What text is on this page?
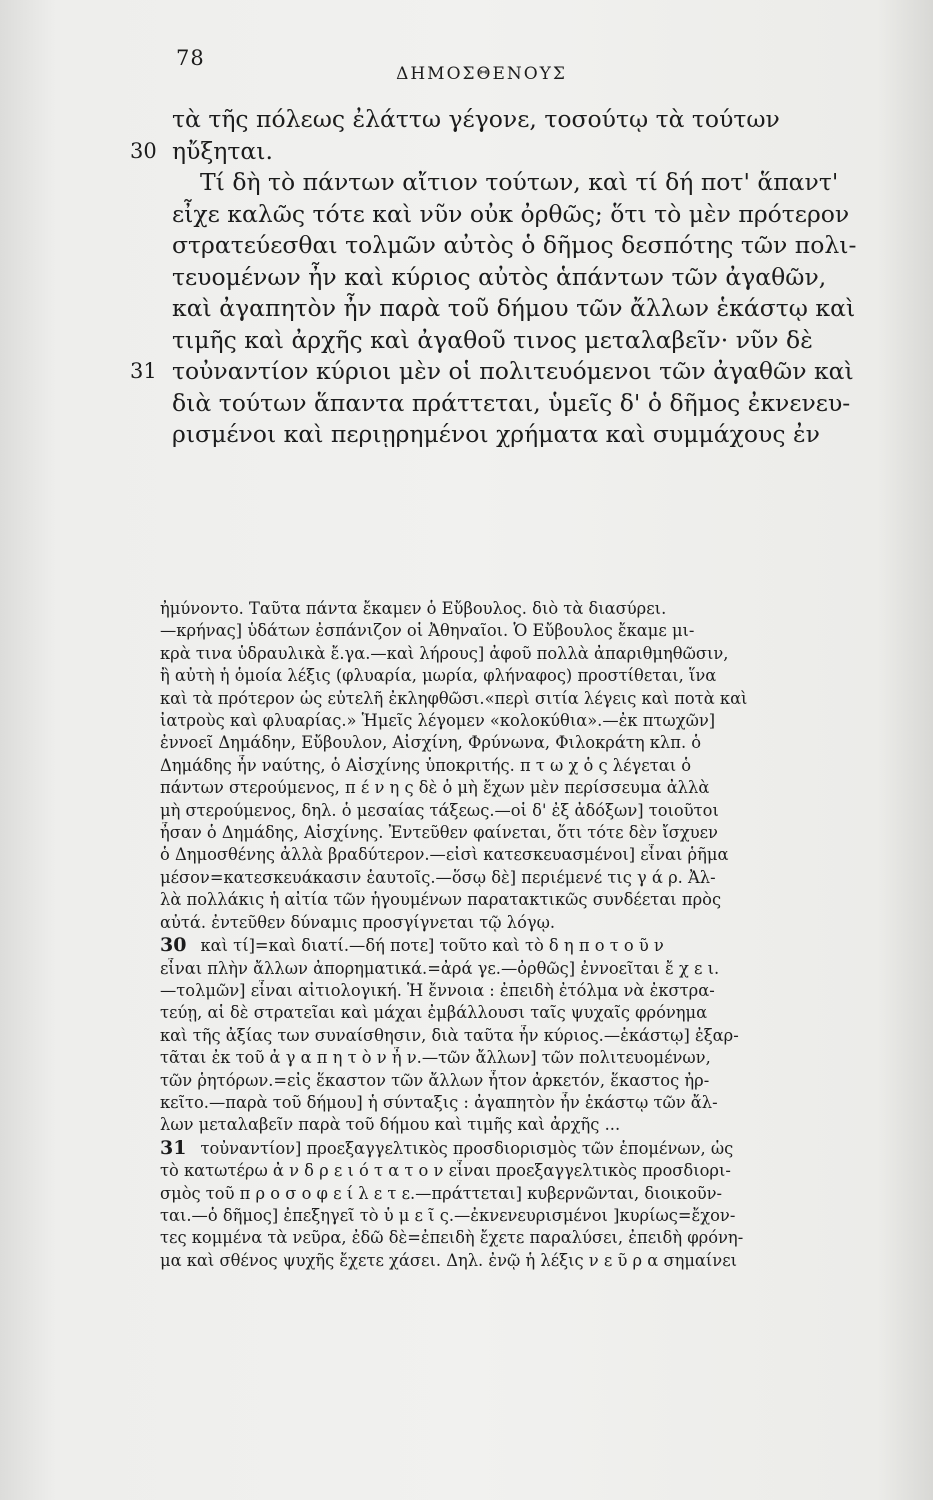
78
ΔΗΜΟΣΘΕΝΟΥΣ
τὰ τῆς πόλεως ἐλάττω γέγονε, τοσούτῳ τὰ τούτων
30 ηὔξηται.
Τί δὴ τὸ πάντων αἴτιον τούτων, καὶ τί δή ποτ' ἅπαντ'
εἶχε καλῶς τότε καὶ νῦν οὐκ ὀρθῶς; ὅτι τὸ μὲν πρότερον
στρατεύεσθαι τολμῶν αὐτὸς ὁ δῆμος δεσπότης τῶν πολι-
τευομένων ἦν καὶ κύριος αὐτὸς ἁπάντων τῶν ἀγαθῶν,
καὶ ἀγαπητὸν ἦν παρὰ τοῦ δήμου τῶν ἄλλων ἑκάστῳ καὶ
τιμῆς καὶ ἀρχῆς καὶ ἀγαθοῦ τινος μεταλαβεῖν· νῦν δὲ
31 τοὐναντίον κύριοι μὲν οἱ πολιτευόμενοι τῶν ἀγαθῶν καὶ
διὰ τούτων ἅπαντα πράττεται, ὑμεῖς δ' ὁ δῆμος ἐκνενευ-
ρισμένοι καὶ περιῃρημένοι χρήματα καὶ συμμάχους ἐν
ἠμύνοντο. Ταῦτα πάντα ἔκαμεν ὁ Εὔβουλος. διὸ τὰ διασύρει.
—κρήνας] ὑδάτων ἐσπάνιζον οἱ Ἀθηναῖοι. Ὁ Εὔβουλος ἔκαμε μι-
κρὰ τινα ὑδραυλικὰ ἔ.γα.—καὶ λήρους] ἀφοῦ πολλὰ ἀπαριθμηθῶσιν,
ἢ αὐτὴ ἡ ὁμοία λέξις (φλυαρία, μωρία, φλήναφος) προστίθεται, ἵνα
καὶ τὰ πρότερον ὡς εὐτελῆ ἐκληφθῶσι.«περὶ σιτία λέγεις καὶ ποτὰ καὶ
ἰατροὺς καὶ φλυαρίας.» Ἡμεῖς λέγομεν «κολοκύθια».—ἐκ πτωχῶν]
ἐννοεῖ Δημάδην, Εὔβουλον, Αἰσχίνη, Φρύνωνα, Φιλοκράτη κλπ. ὁ
Δημάδης ἦν ναύτης, ὁ Αἰσχίνης ὑποκριτής. π τ ω χ ὁ ς λέγεται ὁ
πάντων στερούμενος, π έ ν η ς δὲ ὁ μὴ ἔχων μὲν περίσσευμα ἀλλὰ
μὴ στερούμενος, δηλ. ὁ μεσαίας τάξεως.—οἱ δ' ἐξ ἀδόξων] τοιοῦτοι
ἦσαν ὁ Δημάδης, Αἰσχίνης. Ἐντεῦθεν φαίνεται, ὅτι τότε δὲν ἴσχυεν
ὁ Δημοσθένης ἀλλὰ βραδύτερον.—εἰσὶ κατεσκευασμένοι] εἶναι ῥῆμα
μέσον=κατεσκευάκασιν ἑαυτοῖς.—ὅσῳ δὲ] περιέμενέ τις γ ά ρ. Ἀλ-
λὰ πολλάκις ἡ αἰτία τῶν ἡγουμένων παρατακτικῶς συνδέεται πρὸς
αὐτά. ἐντεῦθεν δύναμις προσγίγνεται τῷ λόγῳ.
30 καὶ τί]=καὶ διατί.—δή ποτε] τοῦτο καὶ τὸ δ η π ο τ ο ῦ ν
εἶναι πλὴν ἄλλων ἀπορηματικά.=ἀρά γε.—ὀρθῶς] ἐννοεῖται ἔ χ ε ι.
—τολμῶν] εἶναι αἰτιολογική. Ἡ ἔννοια : ἐπειδὴ ἐτόλμα νὰ ἐκστρα-
τεύῃ, αἱ δὲ στρατεῖαι καὶ μάχαι ἐμβάλλουσι ταῖς ψυχαῖς φρόνημα
καὶ τῆς ἀξίας των συναίσθησιν, διὰ ταῦτα ἦν κύριος.—ἑκάστῳ] ἐξαρ-
τᾶται ἐκ τοῦ ἀ γ α π η τ ὸ ν ἦ ν.—τῶν ἄλλων] τῶν πολιτευομένων,
τῶν ῥητόρων.=εἰς ἕκαστον τῶν ἄλλων ἦτον ἀρκετόν, ἕκαστος ἠρ-
κεῖτο.—παρὰ τοῦ δήμου] ἡ σύνταξις : ἀγαπητὸν ἦν ἑκάστῳ τῶν ἄλ-
λων μεταλαβεῖν παρὰ τοῦ δήμου καὶ τιμῆς καὶ ἀρχῆς ...
31 τοὐναντίον] προεξαγγελτικὸς προσδιορισμὸς τῶν ἑπομένων, ὡς
τὸ κατωτέρω ἀ ν δ ρ ε ι ό τ α τ ο ν εἶναι προεξαγγελτικὸς προσδιορι-
σμὸς τοῦ π ρ ο σ ο φ ε ί λ ε τ ε.—πράττεται] κυβερνῶνται, διοικοῦν-
ται.—ὁ δῆμος] ἐπεξηγεῖ τὸ ὑ μ ε ῖ ς.—ἐκνενευρισμένοι ]κυρίως=ἔχον-
τες κομμένα τὰ νεῦρα, ἐδῶ δὲ=ἐπειδὴ ἔχετε παραλύσει, ἐπειδὴ φρόνη-
μα καὶ σθένος ψυχῆς ἔχετε χάσει. Δηλ. ἐνῷ ἡ λέξις ν ε ῦ ρ α σημαίνει
